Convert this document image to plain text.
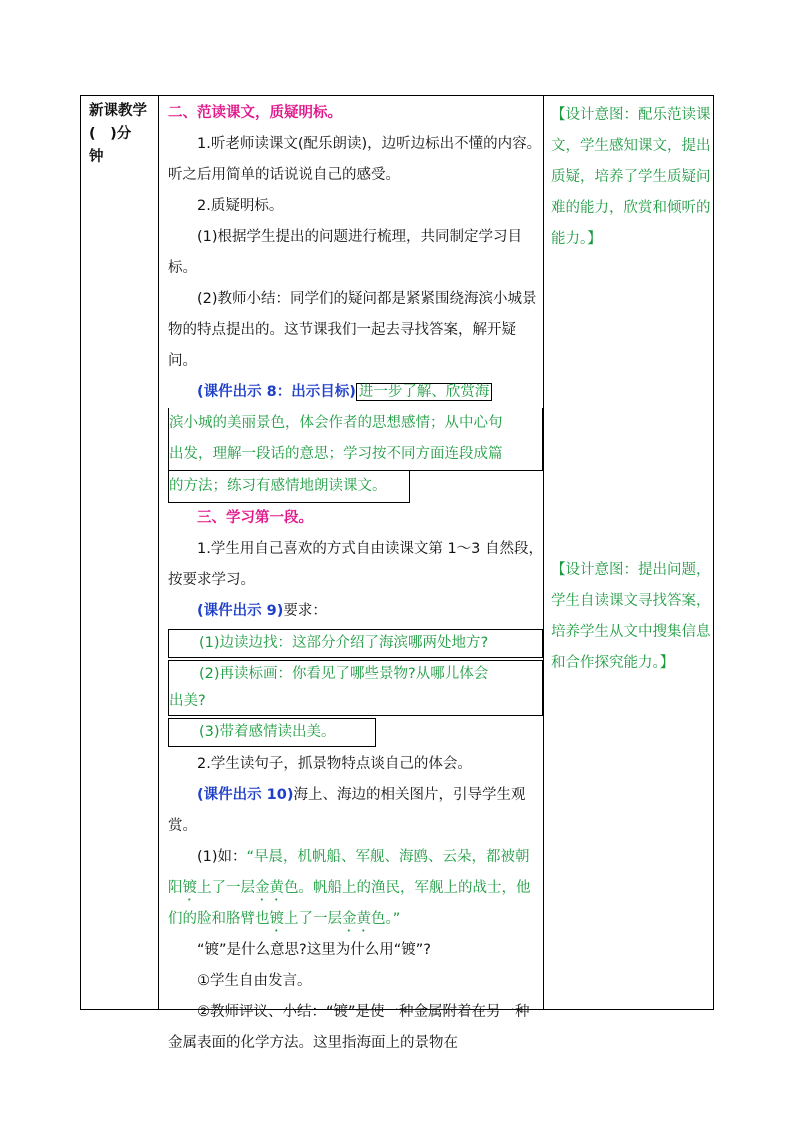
新课教学
(　)分
钟

二、范读课文，质疑明标。

1.听老师读课文(配乐朗读)，边听边标出不懂的内容。听之后用简单的话说说自己的感受。

2.质疑明标。

(1)根据学生提出的问题进行梳理，共同制定学习目标。

(2)教师小结：同学们的疑问都是紧紧围绕海滨小城景物的特点提出的。这节课我们一起去寻找答案，解开疑问。

(课件出示 8：出示目标) 进一步了解、欣赏海
滨小城的美丽景色，体会作者的思想感情；从中心句
出发，理解一段话的意思；学习按不同方面连段成篇
的方法；练习有感情地朗读课文。

三、学习第一段。

1.学生用自己喜欢的方式自由读课文第 1～3 自然段，按要求学习。

(课件出示 9)要求：

(1)边读边找：这部分介绍了海滨哪两处地方?
(2)再读标画：你看见了哪些景物?从哪儿体会
出美?
(3)带着感情读出美。

2.学生读句子，抓景物特点谈自己的体会。

(课件出示 10)海上、海边的相关图片，引导学生观赏。

(1)如：“早晨，机帆船、军舰、海鸥、云朵，都被朝阳镀上了一层金黄色。帆船上的渔民，军舰上的战士，他们的脸和胳臂也镀上了一层金黄色。”

“镀”是什么意思?这里为什么用“镀”?

①学生自由发言。

②教师评议、小结：“镀”是使一种金属附着在另一种金属表面的化学方法。这里指海面上的景物在

【设计意图：配乐范读课文，学生感知课文，提出质疑，培养了学生质疑问难的能力，欣赏和倾听的能力。】
【设计意图：提出问题，学生自读课文寻找答案，培养学生从文中搜集信息和合作探究能力。】
